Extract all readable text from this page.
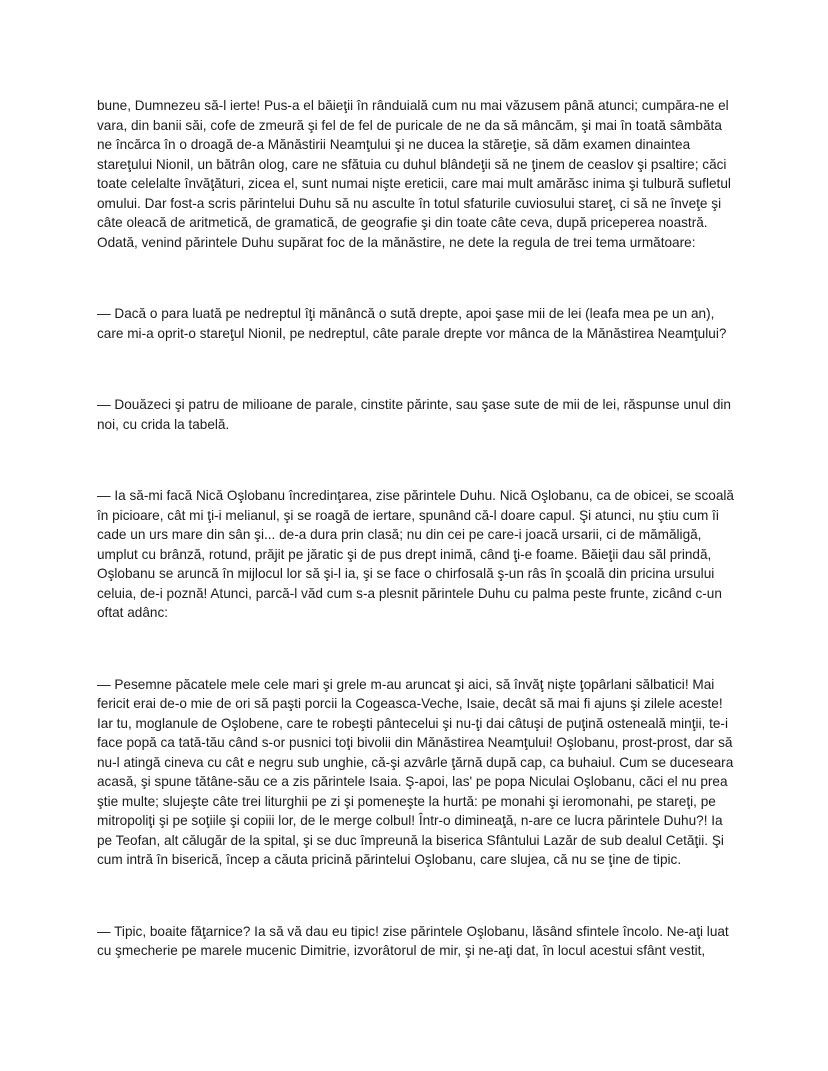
bune, Dumnezeu să-l ierte! Pus-a el băieţii în rânduială cum nu mai văzusem până atunci; cumpăra-ne el vara, din banii săi, cofe de zmeură şi fel de fel de puricale de ne da să mâncăm, şi mai în toată sâmbăta ne încărca în o droagă de-a Mănăstirii Neamţului şi ne ducea la stăreţie, să dăm examen dinaintea stareţului Nionil, un bătrân olog, care ne sfătuia cu duhul blândeţii să ne ţinem de ceaslov şi psaltire; căci toate celelalte învăţături, zicea el, sunt numai nişte ereticii, care mai mult amărăsc inima şi tulbură sufletul omului. Dar fost-a scris părintelui Duhu să nu asculte în totul sfaturile cuviosului stareţ, ci să ne înveţe şi câte oleacă de aritmetică, de gramatică, de geografie şi din toate câte ceva, după priceperea noastră. Odată, venind părintele Duhu supărat foc de la mănăstire, ne dete la regula de trei tema următoare:

— Dacă o para luată pe nedreptul îţi mănâncă o sută drepte, apoi şase mii de lei (leafa mea pe un an), care mi-a oprit-o stareţul Nionil, pe nedreptul, câte parale drepte vor mânca de la Mănăstirea Neamţului?

— Douăzeci şi patru de milioane de parale, cinstite părinte, sau şase sute de mii de lei, răspunse unul din noi, cu crida la tabelă.

— Ia să-mi facă Nică Oşlobanu încredinţarea, zise părintele Duhu. Nică Oşlobanu, ca de obicei, se scoală în picioare, cât mi ţi-i melianul, şi se roagă de iertare, spunând că-l doare capul. Şi atunci, nu ştiu cum îi cade un urs mare din sân şi... de-a dura prin clasă; nu din cei pe care-i joacă ursarii, ci de mămăligă, umplut cu brânză, rotund, prăjit pe jăratic şi de pus drept inimă, când ţi-e foame. Băieţii dau săl prindă, Oşlobanu se aruncă în mijlocul lor să şi-l ia, şi se face o chirfosală ş-un râs în şcoală din pricina ursului celuia, de-i poznă! Atunci, parcă-l văd cum s-a plesnit părintele Duhu cu palma peste frunte, zicând c-un oftat adânc:

— Pesemne păcatele mele cele mari şi grele m-au aruncat şi aici, să învăţ nişte ţopârlani sălbatici! Mai fericit erai de-o mie de ori să paşti porcii la Cogeasca-Veche, Isaie, decât să mai fi ajuns şi zilele aceste! Iar tu, moglanule de Oşlobene, care te robeşti pântecelui şi nu-ţi dai câtuşi de puţină osteneală minţii, te-i face popă ca tată-tău când s-or pusnici toţi bivolii din Mănăstirea Neamţului! Oşlobanu, prost-prost, dar să nu-l atingă cineva cu cât e negru sub unghie, că-şi azvârle ţărnă după cap, ca buhaiul. Cum se duceseara acasă, şi spune tătâne-său ce a zis părintele Isaia. Ş-apoi, las' pe popa Niculai Oşlobanu, căci el nu prea ştie multe; slujeşte câte trei liturghii pe zi şi pomeneşte la hurtă: pe monahi şi ieromonahi, pe stareţi, pe mitropoliţi şi pe soţiile şi copiii lor, de le merge colbul! Într-o dimineaţă, n-are ce lucra părintele Duhu?! Ia pe Teofan, alt călugăr de la spital, şi se duc împreună la biserica Sfântului Lazăr de sub dealul Cetăţii. Şi cum intră în biserică, încep a căuta pricină părintelui Oşlobanu, care slujea, că nu se ţine de tipic.

— Tipic, boaite făţarnice? Ia să vă dau eu tipic! zise părintele Oşlobanu, lăsând sfintele încolo. Ne-aţi luat cu şmecherie pe marele mucenic Dimitrie, izvorâtorul de mir, şi ne-aţi dat, în locul acestui sfânt vestit,
